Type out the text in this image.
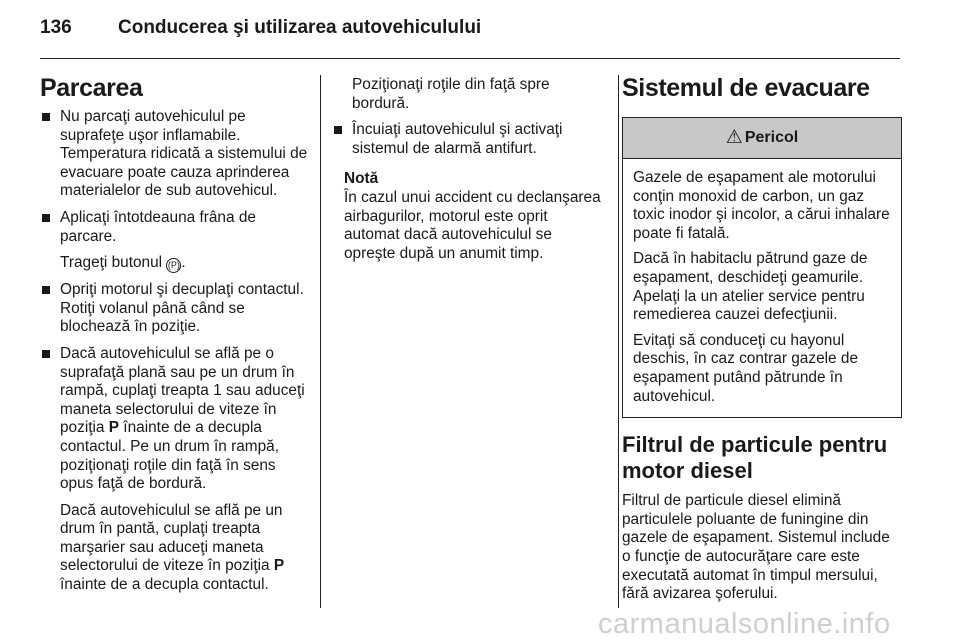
136	Conducerea şi utilizarea autovehiculului
Parcarea
Nu parcaţi autovehiculul pe suprafeţe uşor inflamabile. Temperatura ridicată a sistemului de evacuare poate cauza aprinderea materialelor de sub autovehicul.
Aplicaţi întotdeauna frâna de parcare.
Trageţi butonul (P).
Opriţi motorul şi decuplaţi contactul. Rotiţi volanul până când se blochează în poziţie.
Dacă autovehiculul se află pe o suprafaţă plană sau pe un drum în rampă, cuplaţi treapta 1 sau aduceţi maneta selectorului de viteze în poziţia P înainte de a decupla contactul. Pe un drum în rampă, poziţionaţi roţile din faţă în sens opus faţă de bordură.
Dacă autovehiculul se află pe un drum în pantă, cuplaţi treapta marşarier sau aduceţi maneta selectorului de viteze în poziţia P înainte de a decupla contactul.
Poziţionaţi roţile din faţă spre bordură.
Încuiaţi autovehiculul şi activaţi sistemul de alarmă antifurt.
Notă
În cazul unui accident cu declanşarea airbagurilor, motorul este oprit automat dacă autovehiculul se opreşte după un anumit timp.
Sistemul de evacuare
⚠ Pericol

Gazele de eşapament ale motorului conţin monoxid de carbon, un gaz toxic inodor şi incolor, a cărui inhalare poate fi fatală.

Dacă în habitaclu pătrund gaze de eşapament, deschideţi geamurile. Apelaţi la un atelier service pentru remedierea cauzei defecţiunii.

Evitaţi să conduceţi cu hayonul deschis, în caz contrar gazele de eşapament putând pătrunde în autovehicul.

Filtrul de particule pentru motor diesel

Filtrul de particule diesel elimină particulele poluante de funingine din gazele de eşapament. Sistemul include o funcţie de autocurăţare care este executată automat în timpul mersului, fără avizarea şoferului.

carmanualsonline.info
